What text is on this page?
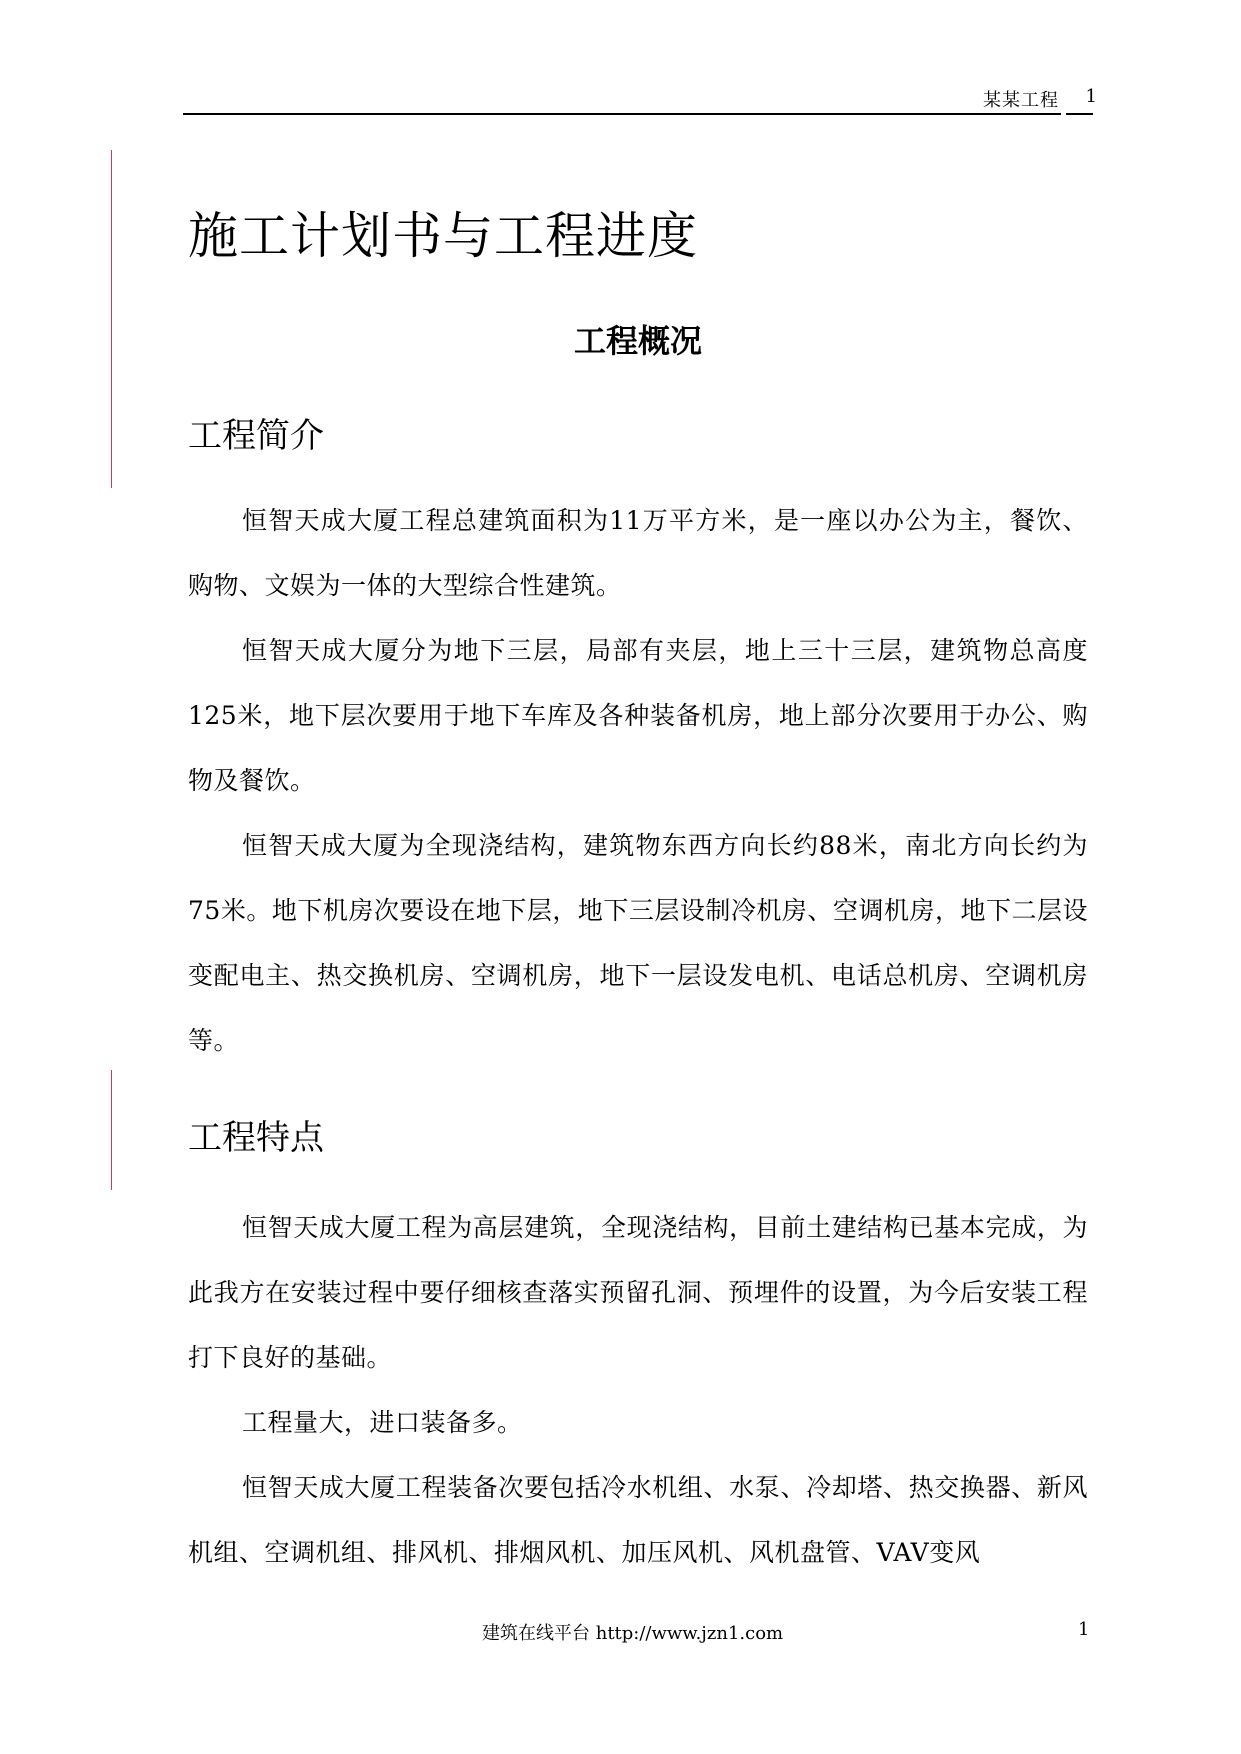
某某工程 1
施工计划书与工程进度
工程概况
工程简介

恒智天成大厦工程总建筑面积为11万平方米，是一座以办公为主，餐饮、购物、文娱为一体的大型综合性建筑。

恒智天成大厦分为地下三层，局部有夹层，地上三十三层，建筑物总高度125米，地下层次要用于地下车库及各种装备机房，地上部分次要用于办公、购物及餐饮。

恒智天成大厦为全现浇结构，建筑物东西方向长约88米，南北方向长约为75米。地下机房次要设在地下层，地下三层设制冷机房、空调机房，地下二层设变配电主、热交换机房、空调机房，地下一层设发电机、电话总机房、空调机房等。

工程特点

恒智天成大厦工程为高层建筑，全现浇结构，目前土建结构已基本完成，为此我方在安装过程中要仔细核查落实预留孔洞、预埋件的设置，为今后安装工程打下良好的基础。

工程量大，进口装备多。

恒智天成大厦工程装备次要包括冷水机组、水泵、冷却塔、热交换器、新风机组、空调机组、排风机、排烟风机、加压风机、风机盘管、VAV变风

建筑在线平台 http://www.jzn1.com	1
